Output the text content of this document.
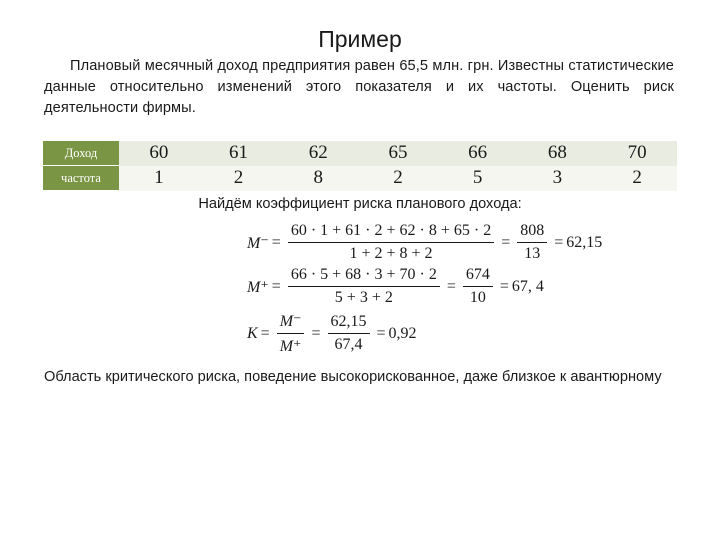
Пример

Плановый месячный доход предприятия равен 65,5 млн. грн. Известны статистические данные относительно изменений этого показателя и их частоты. Оценить риск деятельности фирмы.

Доход	60	61	62	65	66	68	70
частота	1	2	8	2	5	3	2
Найдём коэффициент риска планового дохода:
$M^- = \frac{60 \cdot 1 + 61 \cdot 2 + 62 \cdot 8 + 65 \cdot 2}{1 + 2 + 8 + 2} = \frac{808}{13} = 62,15$
$M^+ = \frac{66 \cdot 5 + 68 \cdot 3 + 70 \cdot 2}{5 + 3 + 2} = \frac{674}{10} = 67$, 4
$K = \frac{M^-}{M^+} = \frac{62,15}{67,4} = 0,92$

Область критического риска, поведение высокорискованное, даже близкое к авантюрному
